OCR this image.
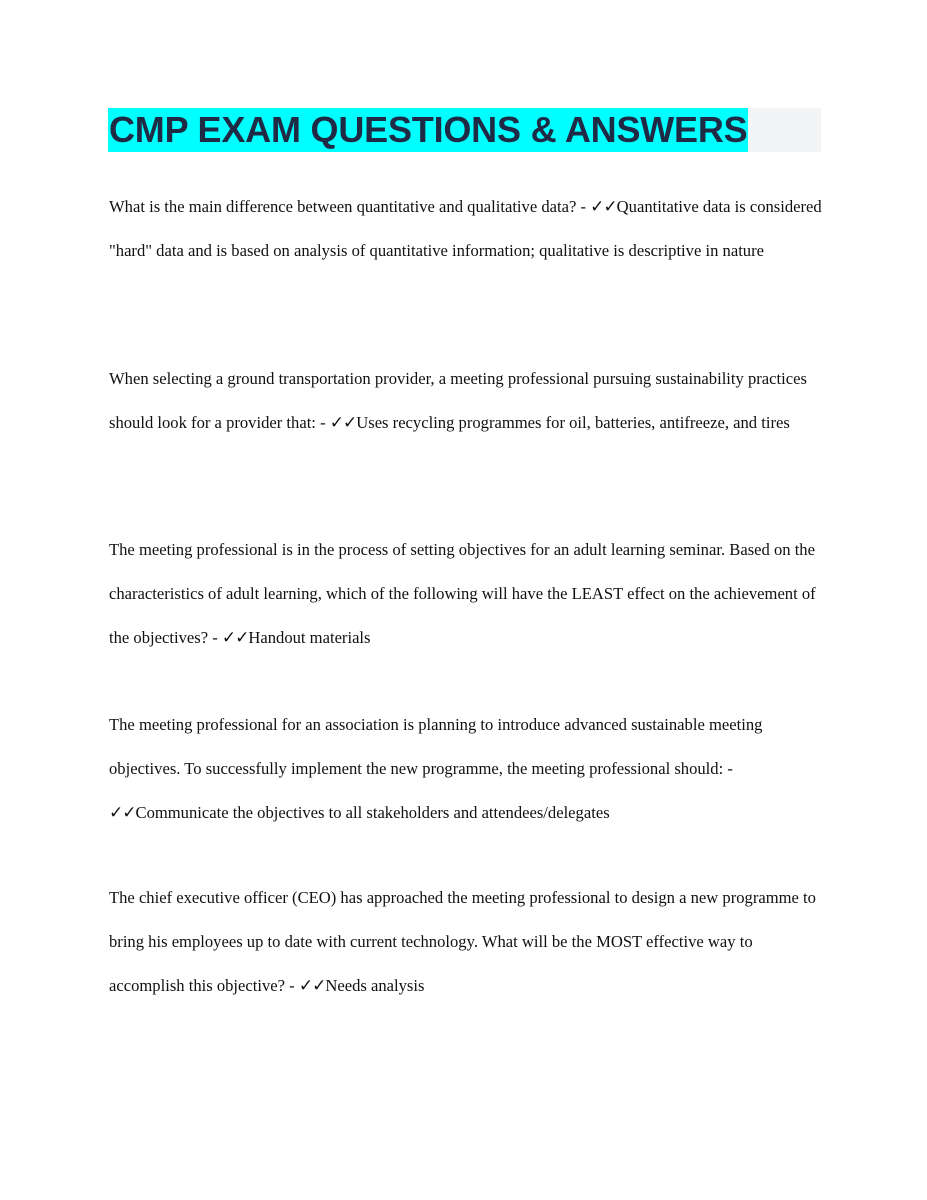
CMP EXAM QUESTIONS & ANSWERS

What is the main difference between quantitative and qualitative data? - ✓✓Quantitative data is considered "hard" data and is based on analysis of quantitative information; qualitative is descriptive in nature

When selecting a ground transportation provider, a meeting professional pursuing sustainability practices should look for a provider that: - ✓✓Uses recycling programmes for oil, batteries, antifreeze, and tires

The meeting professional is in the process of setting objectives for an adult learning seminar. Based on the characteristics of adult learning, which of the following will have the LEAST effect on the achievement of the objectives? - ✓✓Handout materials

The meeting professional for an association is planning to introduce advanced sustainable meeting objectives. To successfully implement the new programme, the meeting professional should: - ✓✓Communicate the objectives to all stakeholders and attendees/delegates

The chief executive officer (CEO) has approached the meeting professional to design a new programme to bring his employees up to date with current technology. What will be the MOST effective way to accomplish this objective? - ✓✓Needs analysis
